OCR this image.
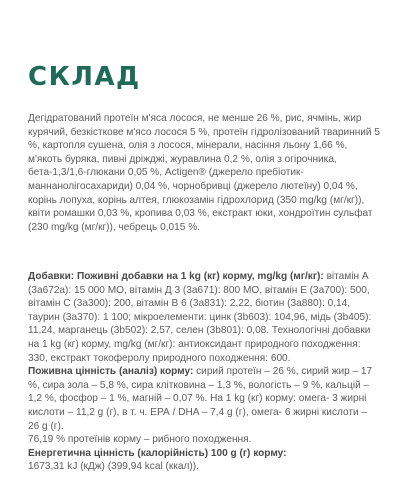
СКЛАД

Дегідратований протеїн м'яса лосося, не менше 26 %, рис, ячмінь, жир курячий, безкісткове м'ясо лосося 5 %, протеїн гідролізований тваринний 5 %, картопля сушена, олія з лосося, мінерали, насіння льону 1,66 %, м'якоть буряка, пивні дріжджі, журавлина 0,2 %, олія з огірочника, бета-1,3/1,6-глюкани 0,05 %, Actigen® (джерело пребіотик-маннанолігосахариди) 0,04 %, чорнобривці (джерело лютеїну) 0,04 %, корінь лопуха, корінь алтея, глюкозамін гідрохлорид (350 mg/kg (мг/кг)), квіти ромашки 0,03 %, кропива 0,03 %, екстракт юки, хондроїтин сульфат (230 mg/kg (мг/кг)), чебрець 0,015 %.

Добавки: Поживні добавки на 1 kg (кг) корму, mg/kg (мг/кг): вітамін А (3а672а): 15 000 МО, вітамін Д 3 (3а671): 800 МО, вітамін Е (3а700): 500, вітамін С (3а300): 200, вітамін В 6 (3а831): 2,22, біотин (3а880): 0,14, таурин (3а370): 1 100; мікроелементи: цинк (3b603): 104,96, мідь (3b405): 11,24, марганець (3b502): 2,57, селен (3b801): 0,08. Технологічні добавки на 1 kg (кг) корму, mg/kg (мг/кг): антиоксидант природного походження: 330, екстракт токоферолу природного походження: 600.

Поживна цінність (аналіз) корму: сирий протеїн – 26 %, сирий жир – 17 %, сира зола – 5,8 %, сира клітковина – 1,3 %, вологість – 9 %, кальцій – 1,2 %, фосфор – 1 %, магній – 0,07 %. На 1 kg (кг) корму: омега- 3 жирні кислоти – 11,2 g (г), в т. ч. ЕРА / DHA – 7,4 g (г), омега- 6 жирні кислоти – 26 g (г).

76,19 % протеїнів корму – рибного походження.

Енергетична цінність (калорійність) 100 g (г) корму:

1673,31 kJ (кДж) (399,94 kcal (ккал)).
